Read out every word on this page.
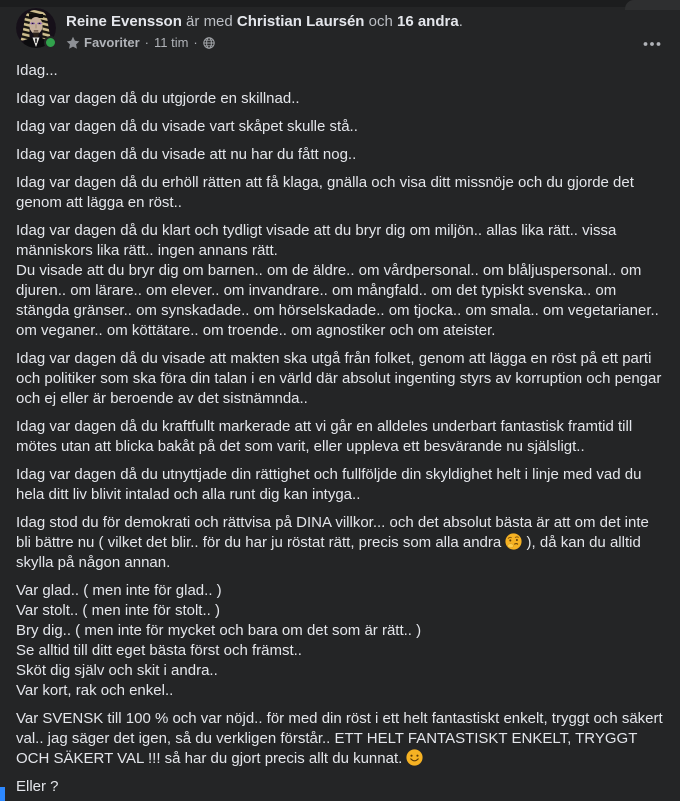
Reine Evensson är med Christian Laursén och 16 andra.
Favoriter · 11 tim ·
Idag...
Idag var dagen då du utgjorde en skillnad..
Idag var dagen då du visade vart skåpet skulle stå..
Idag var dagen då du visade att nu har du fått nog..
Idag var dagen då du erhöll rätten att få klaga, gnälla och visa ditt missnöje och du gjorde det genom att lägga en röst..
Idag var dagen då du klart och tydligt visade att du bryr dig om miljön.. allas lika rätt.. vissa människors lika rätt.. ingen annans rätt.
Du visade att du bryr dig om barnen.. om de äldre.. om vårdpersonal.. om blåljuspersonal.. om djuren.. om lärare.. om elever.. om invandrare.. om mångfald.. om det typiskt svenska.. om stängda gränser.. om synskadade.. om hörselskadade.. om tjocka.. om smala.. om vegetarianer.. om veganer.. om köttätare.. om troende.. om agnostiker och om ateister.
Idag var dagen då du visade att makten ska utgå från folket, genom att lägga en röst på ett parti och politiker som ska föra din talan i en värld där absolut ingenting styrs av korruption och pengar och ej eller är beroende av det sistnämnda..
Idag var dagen då du kraftfullt markerade att vi går en alldeles underbart fantastisk framtid till mötes utan att blicka bakåt på det som varit, eller uppleva ett besvärande nu själsligt..
Idag var dagen då du utnyttjade din rättighet och fullföljde din skyldighet helt i linje med vad du hela ditt liv blivit intalad och alla runt dig kan intyga..
Idag stod du för demokrati och rättvisa på DINA villkor... och det absolut bästa är att om det inte bli bättre nu ( vilket det blir.. för du har ju röstat rätt, precis som alla andra  ), då kan du alltid skylla på någon annan.
Var glad.. ( men inte för glad.. )
Var stolt.. ( men inte för stolt.. )
Bry dig.. ( men inte för mycket och bara om det som är rätt.. )
Se alltid till ditt eget bästa först och främst..
Sköt dig själv och skit i andra..
Var kort, rak och enkel..
Var SVENSK till 100 % och var nöjd.. för med din röst i ett helt fantastiskt enkelt, tryggt och säkert val.. jag säger det igen, så du verkligen förstår.. ETT HELT FANTASTISKT ENKELT, TRYGGT OCH SÄKERT VAL !!! så har du gjort precis allt du kunnat.
Eller ?
